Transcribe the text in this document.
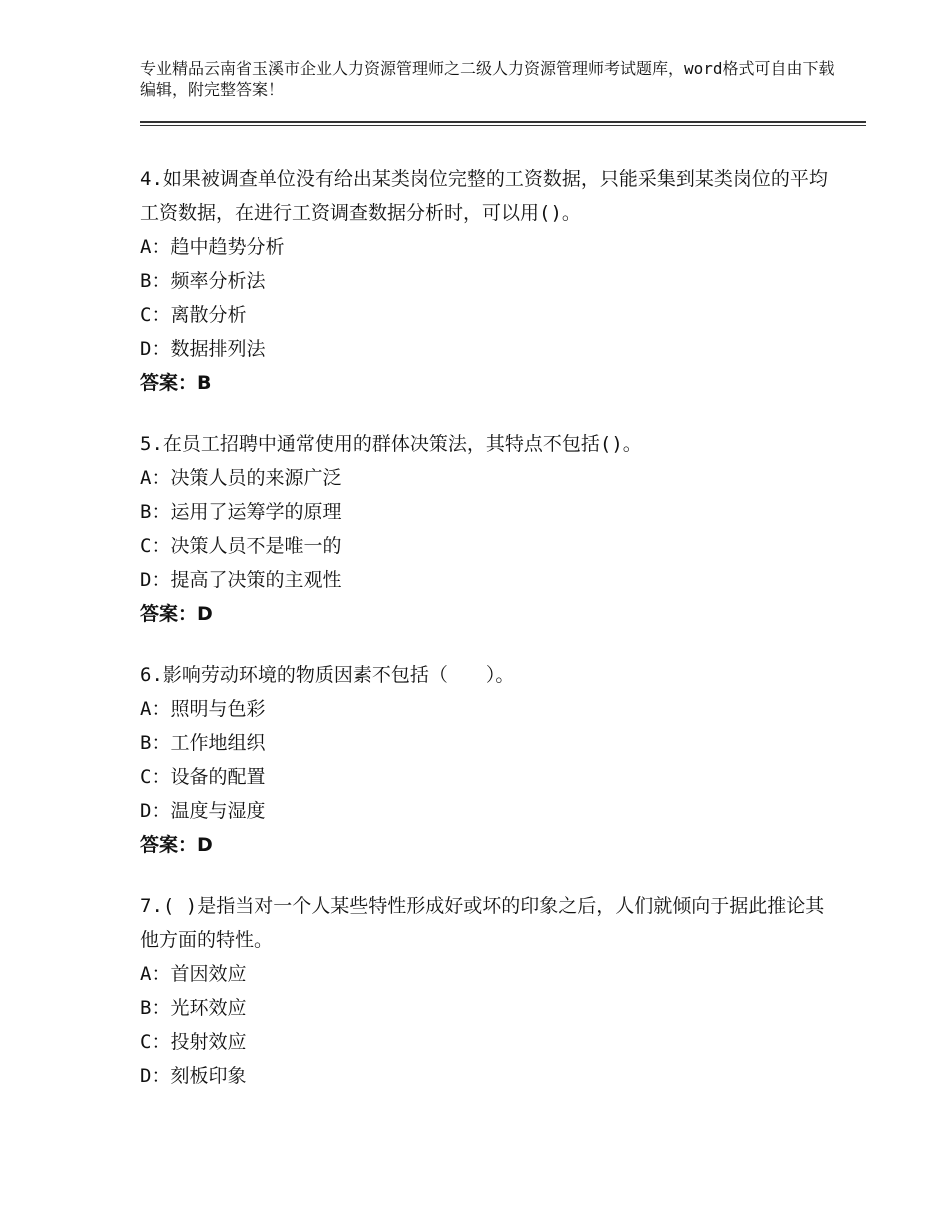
专业精品云南省玉溪市企业人力资源管理师之二级人力资源管理师考试题库，word格式可自由下载编辑，附完整答案！

4.如果被调查单位没有给出某类岗位完整的工资数据，只能采集到某类岗位的平均工资数据，在进行工资调查数据分析时，可以用()。

A：趋中趋势分析

B：频率分析法

C：离散分析

D：数据排列法

答案：B

5.在员工招聘中通常使用的群体决策法，其特点不包括()。

A：决策人员的来源广泛

B：运用了运筹学的原理

C：决策人员不是唯一的

D：提高了决策的主观性

答案：D

6.影响劳动环境的物质因素不包括（　　）。

A：照明与色彩

B：工作地组织

C：设备的配置

D：温度与湿度

答案：D

7.( )是指当对一个人某些特性形成好或坏的印象之后，人们就倾向于据此推论其他方面的特性。

A：首因效应

B：光环效应

C：投射效应

D：刻板印象
